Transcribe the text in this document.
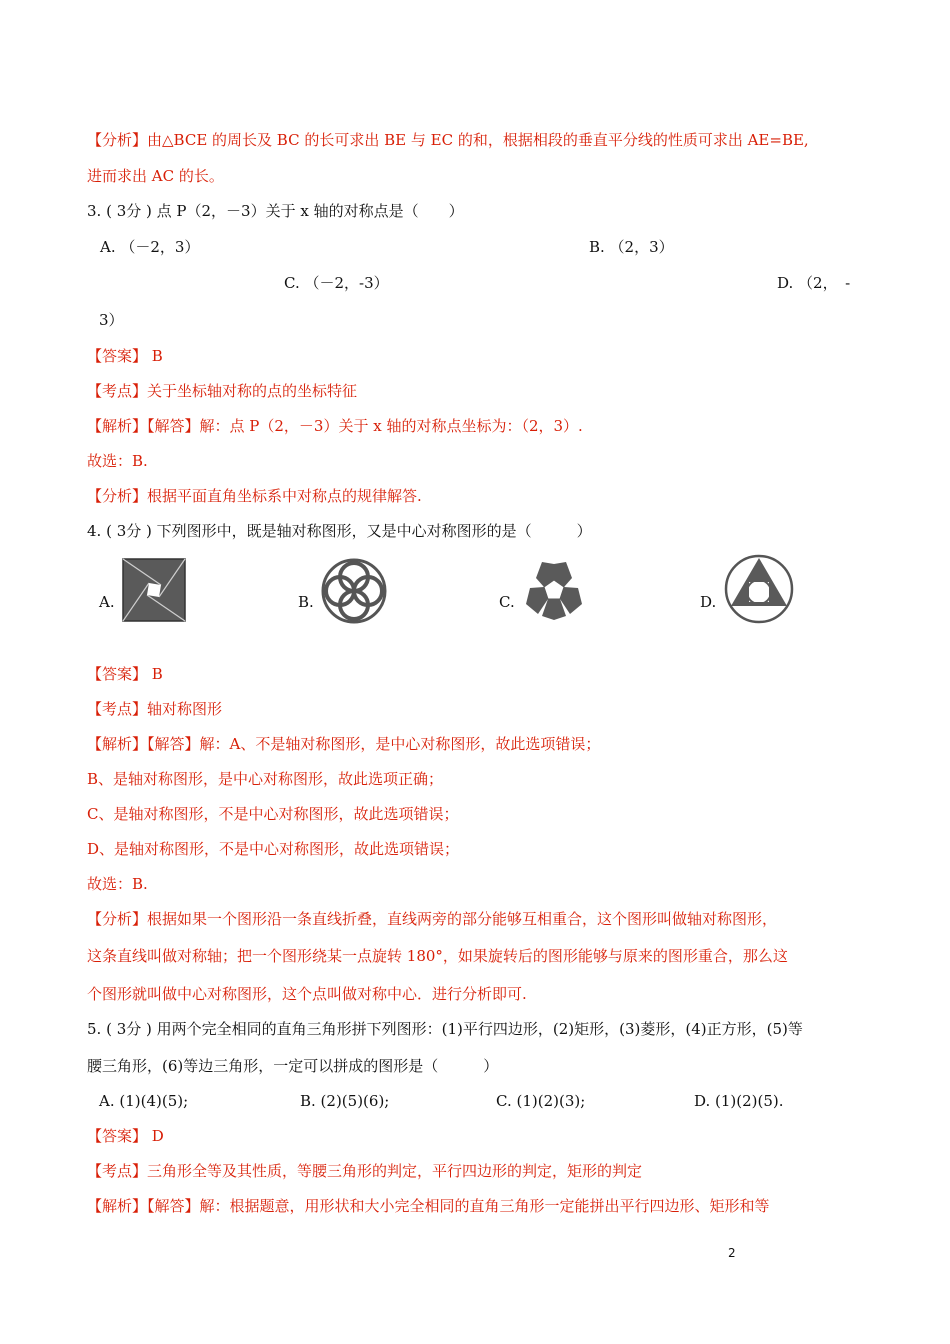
【分析】由△BCE 的周长及 BC 的长可求出 BE 与 EC 的和，根据相段的垂直平分线的性质可求出 AE=BE,
进而求出 AC 的长。
3. ( 3分 ) 点 P（2，－3）关于 x 轴的对称点是（　　）
A. （－2，3）	B. （2，3）
C. （－2，-3）	D. （2，　-
3）
【答案】 B
【考点】关于坐标轴对称的点的坐标特征
【解析】【解答】解：点 P（2，－3）关于 x 轴的对称点坐标为：（2，3）.
故选：B.
【分析】根据平面直角坐标系中对称点的规律解答.
4. ( 3分 ) 下列图形中，既是轴对称图形，又是中心对称图形的是（　　　）
A.	B.	C.	D.
【答案】 B
【考点】轴对称图形
【解析】【解答】解：A、不是轴对称图形，是中心对称图形，故此选项错误；
B、是轴对称图形，是中心对称图形，故此选项正确；
C、是轴对称图形，不是中心对称图形，故此选项错误；
D、是轴对称图形，不是中心对称图形，故此选项错误；
故选：B.
【分析】根据如果一个图形沿一条直线折叠，直线两旁的部分能够互相重合，这个图形叫做轴对称图形，
这条直线叫做对称轴；把一个图形绕某一点旋转 180°，如果旋转后的图形能够与原来的图形重合，那么这
个图形就叫做中心对称图形，这个点叫做对称中心．进行分析即可.
5. ( 3分 ) 用两个完全相同的直角三角形拼下列图形：(1)平行四边形，(2)矩形，(3)菱形，(4)正方形，(5)等
腰三角形，(6)等边三角形，一定可以拼成的图形是（　　　）
A. (1)(4)(5);	B. (2)(5)(6);	C. (1)(2)(3);	D. (1)(2)(5).
【答案】 D
【考点】三角形全等及其性质，等腰三角形的判定，平行四边形的判定，矩形的判定
【解析】【解答】解：根据题意，用形状和大小完全相同的直角三角形一定能拼出平行四边形、矩形和等
2
